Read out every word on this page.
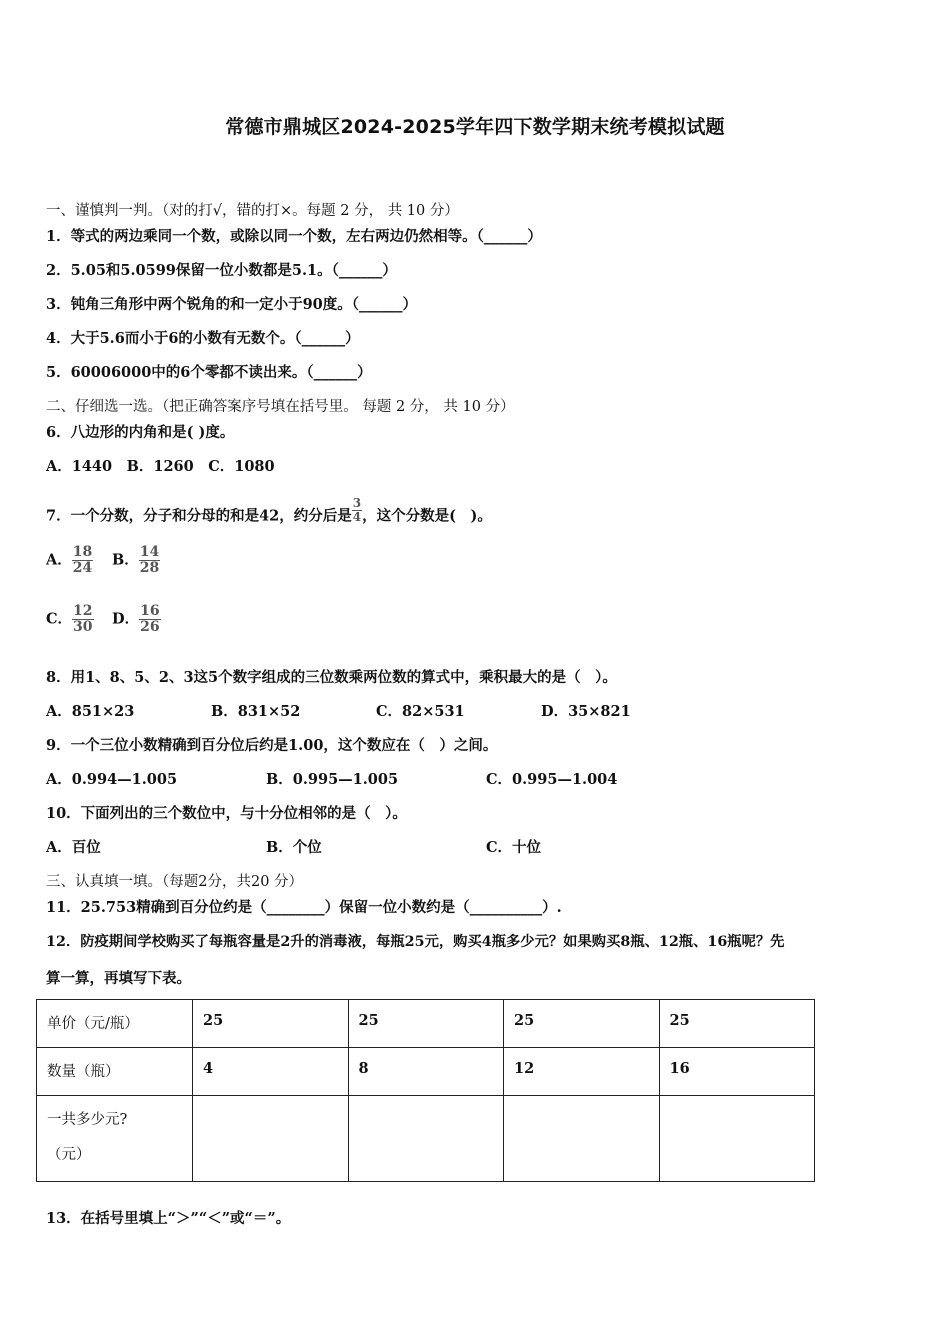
常德市鼎城区2024-2025学年四下数学期末统考模拟试题
一、谨慎判一判。（对的打√，错的打×。每题 2 分， 共 10 分）
1．等式的两边乘同一个数，或除以同一个数，左右两边仍然相等。（______）
2．5.05和5.0599保留一位小数都是5.1。（______）
3．钝角三角形中两个锐角的和一定小于90度。（______）
4．大于5.6而小于6的小数有无数个。（______）
5．60006000中的6个零都不读出来。（______）
二、仔细选一选。（把正确答案序号填在括号里。 每题 2 分， 共 10 分）
6．八边形的内角和是( )度。
A．1440　B．1260　C．1080
7．一个分数，分子和分母的和是42，约分后是 $\frac{3}{4}$ ，这个分数是(　)。
A． $\frac{18}{24}$ B． $\frac{14}{28}$
C． $\frac{12}{30}$ D． $\frac{16}{26}$
8．用1、8、5、2、3这5个数字组成的三位数乘两位数的算式中，乘积最大的是（　）。
A．851×23	B．831×52	C．82×531	D．35×821
9．一个三位小数精确到百分位后约是1.00，这个数应在（　）之间。
A．0.994—1.005	B．0.995—1.005	C．0.995—1.004
10．下面列出的三个数位中，与十分位相邻的是（　）。
A．百位	B．个位	C．十位
三、认真填一填。（每题2分，共20 分）
11．25.753精确到百分位约是（________）保留一位小数约是（__________）.
12．防疫期间学校购买了每瓶容量是2升的消毒液，每瓶25元，购买4瓶多少元？如果购买8瓶、12瓶、16瓶呢？先
算一算，再填写下表。
单价（元/瓶）	25	25	25	25
数量（瓶）	4	8	12	16
一共多少元?
（元）				

13．在括号里填上“＞”“＜”或“＝”。
